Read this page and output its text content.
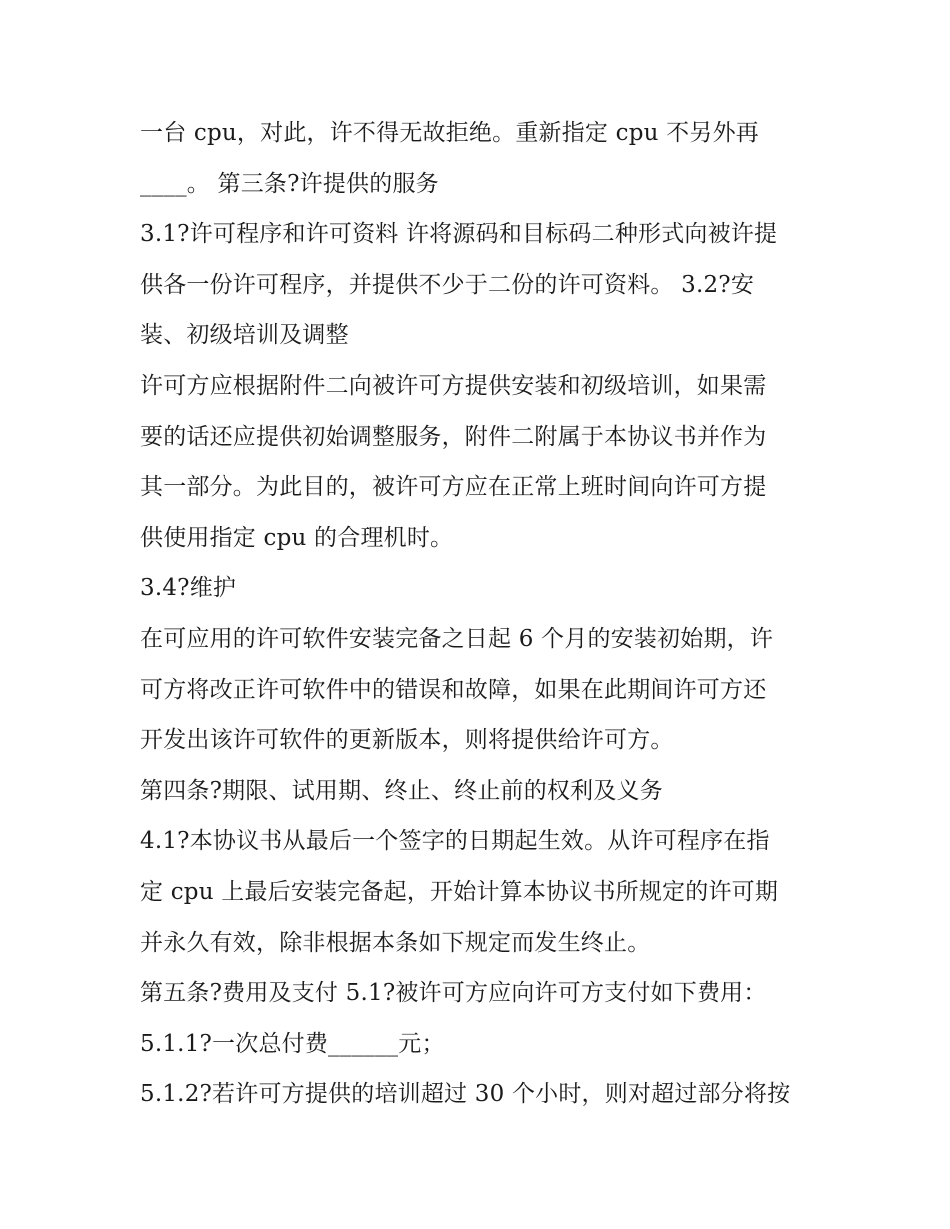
一台 cpu，对此，许不得无故拒绝。重新指定 cpu 不另外再
____。 第三条?许提供的服务
3.1?许可程序和许可资料 许将源码和目标码二种形式向被许提
供各一份许可程序，并提供不少于二份的许可资料。 3.2?安
装、初级培训及调整
许可方应根据附件二向被许可方提供安装和初级培训，如果需
要的话还应提供初始调整服务，附件二附属于本协议书并作为
其一部分。为此目的，被许可方应在正常上班时间向许可方提
供使用指定 cpu 的合理机时。
3.4?维护
在可应用的许可软件安装完备之日起 6 个月的安装初始期，许
可方将改正许可软件中的错误和故障，如果在此期间许可方还
开发出该许可软件的更新版本，则将提供给许可方。
第四条?期限、试用期、终止、终止前的权利及义务
4.1?本协议书从最后一个签字的日期起生效。从许可程序在指
定 cpu 上最后安装完备起，开始计算本协议书所规定的许可期
并永久有效，除非根据本条如下规定而发生终止。
第五条?费用及支付 5.1?被许可方应向许可方支付如下费用：
5.1.1?一次总付费______元；
5.1.2?若许可方提供的培训超过 30 个小时，则对超过部分将按
